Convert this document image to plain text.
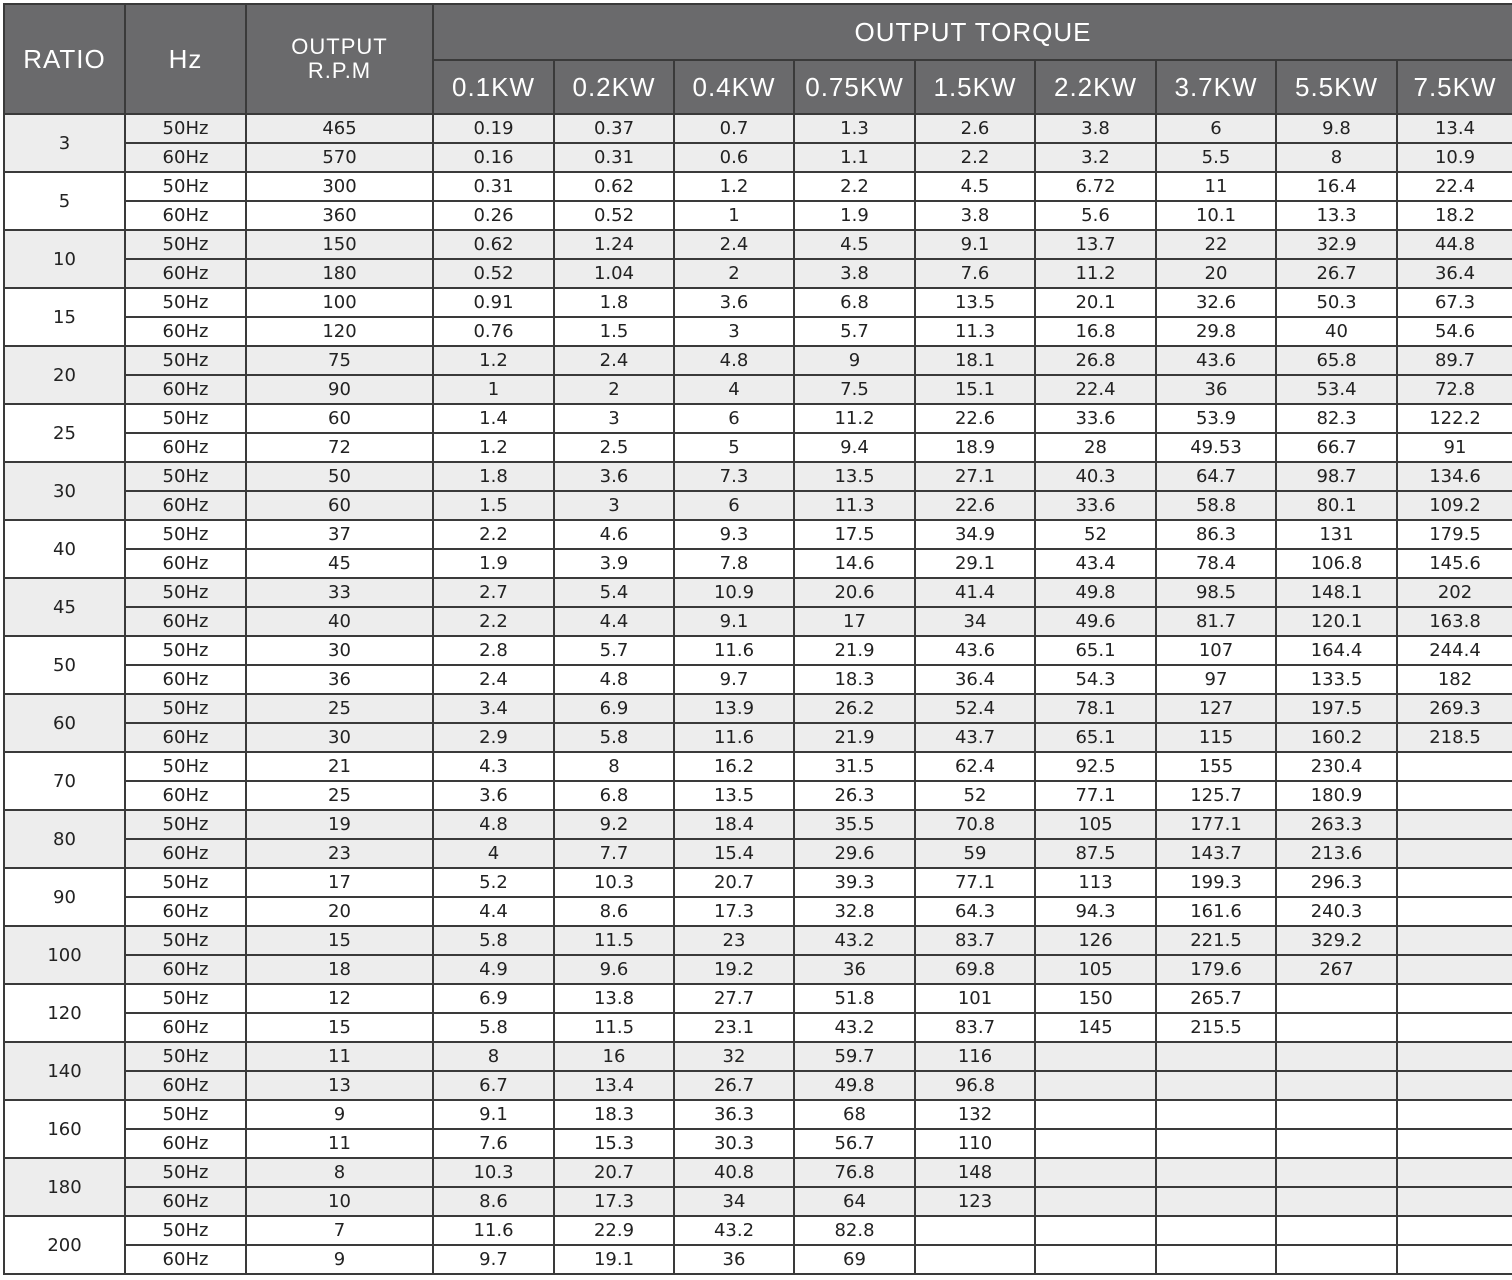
RATIO	Hz	OUTPUT
R.P.M	OUTPUT TORQUE								
			0.1KW	0.2KW	0.4KW	0.75KW	1.5KW	2.2KW	3.7KW	5.5KW	7.5KW
3	50Hz	465	0.19	0.37	0.7	1.3	2.6	3.8	6	9.8	13.4
	60Hz	570	0.16	0.31	0.6	1.1	2.2	3.2	5.5	8	10.9
5	50Hz	300	0.31	0.62	1.2	2.2	4.5	6.72	11	16.4	22.4
	60Hz	360	0.26	0.52	1	1.9	3.8	5.6	10.1	13.3	18.2
10	50Hz	150	0.62	1.24	2.4	4.5	9.1	13.7	22	32.9	44.8
	60Hz	180	0.52	1.04	2	3.8	7.6	11.2	20	26.7	36.4
15	50Hz	100	0.91	1.8	3.6	6.8	13.5	20.1	32.6	50.3	67.3
	60Hz	120	0.76	1.5	3	5.7	11.3	16.8	29.8	40	54.6
20	50Hz	75	1.2	2.4	4.8	9	18.1	26.8	43.6	65.8	89.7
	60Hz	90	1	2	4	7.5	15.1	22.4	36	53.4	72.8
25	50Hz	60	1.4	3	6	11.2	22.6	33.6	53.9	82.3	122.2
	60Hz	72	1.2	2.5	5	9.4	18.9	28	49.53	66.7	91
30	50Hz	50	1.8	3.6	7.3	13.5	27.1	40.3	64.7	98.7	134.6
	60Hz	60	1.5	3	6	11.3	22.6	33.6	58.8	80.1	109.2
40	50Hz	37	2.2	4.6	9.3	17.5	34.9	52	86.3	131	179.5
	60Hz	45	1.9	3.9	7.8	14.6	29.1	43.4	78.4	106.8	145.6
45	50Hz	33	2.7	5.4	10.9	20.6	41.4	49.8	98.5	148.1	202
	60Hz	40	2.2	4.4	9.1	17	34	49.6	81.7	120.1	163.8
50	50Hz	30	2.8	5.7	11.6	21.9	43.6	65.1	107	164.4	244.4
	60Hz	36	2.4	4.8	9.7	18.3	36.4	54.3	97	133.5	182
60	50Hz	25	3.4	6.9	13.9	26.2	52.4	78.1	127	197.5	269.3
	60Hz	30	2.9	5.8	11.6	21.9	43.7	65.1	115	160.2	218.5
70	50Hz	21	4.3	8	16.2	31.5	62.4	92.5	155	230.4	
	60Hz	25	3.6	6.8	13.5	26.3	52	77.1	125.7	180.9	
80	50Hz	19	4.8	9.2	18.4	35.5	70.8	105	177.1	263.3	
	60Hz	23	4	7.7	15.4	29.6	59	87.5	143.7	213.6	
90	50Hz	17	5.2	10.3	20.7	39.3	77.1	113	199.3	296.3	
	60Hz	20	4.4	8.6	17.3	32.8	64.3	94.3	161.6	240.3	
100	50Hz	15	5.8	11.5	23	43.2	83.7	126	221.5	329.2	
	60Hz	18	4.9	9.6	19.2	36	69.8	105	179.6	267	
120	50Hz	12	6.9	13.8	27.7	51.8	101	150	265.7		
	60Hz	15	5.8	11.5	23.1	43.2	83.7	145	215.5		
140	50Hz	11	8	16	32	59.7	116				
	60Hz	13	6.7	13.4	26.7	49.8	96.8				
160	50Hz	9	9.1	18.3	36.3	68	132				
	60Hz	11	7.6	15.3	30.3	56.7	110				
180	50Hz	8	10.3	20.7	40.8	76.8	148				
	60Hz	10	8.6	17.3	34	64	123				
200	50Hz	7	11.6	22.9	43.2	82.8					
	60Hz	9	9.7	19.1	36	69					
